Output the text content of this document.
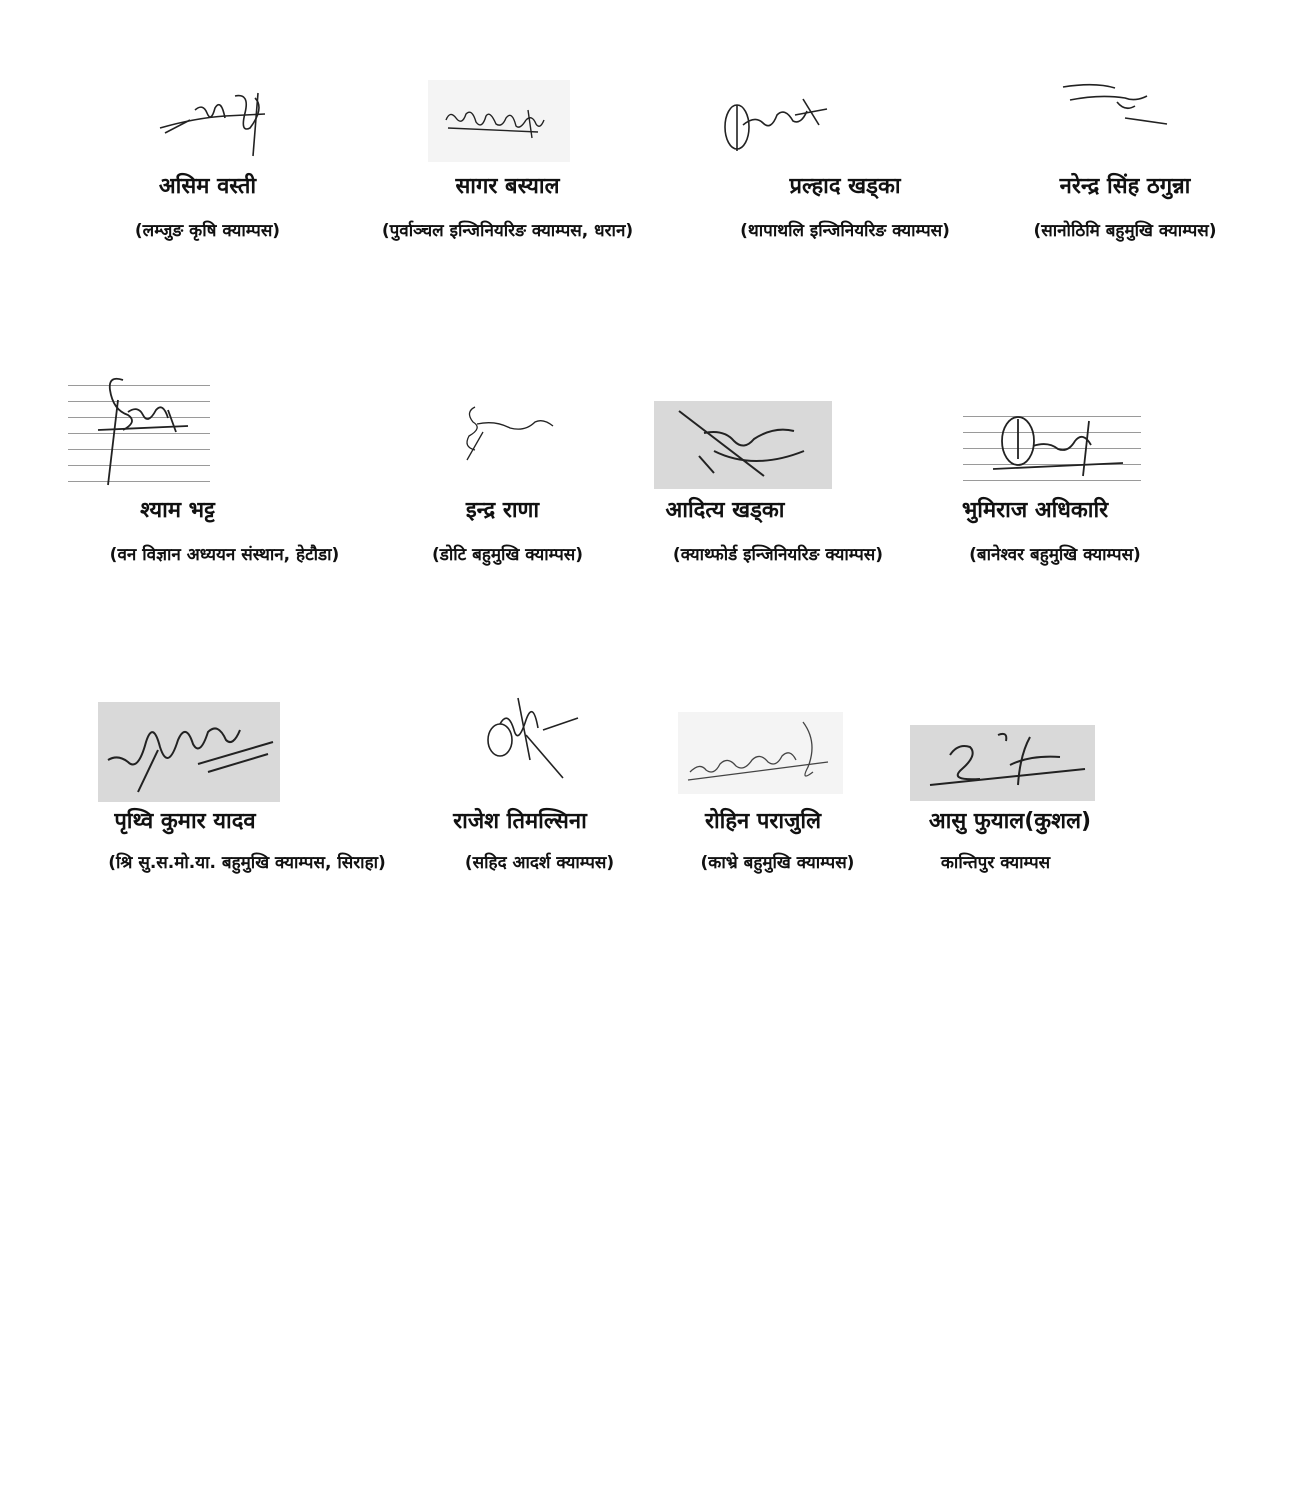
असिम वस्ती
(लम्जुङ कृषि क्याम्पस)
सागर बस्याल
(पुर्वाञ्चल इन्जिनियरिङ क्याम्पस, धरान)
प्रल्हाद खड्का
(थापाथलि इन्जिनियरिङ क्याम्पस)
नरेन्द्र सिंह ठगुन्ना
(सानोठिमि बहुमुखि क्याम्पस)
श्याम भट्ट
(वन विज्ञान अध्ययन संस्थान, हेटौडा)
इन्द्र राणा
(डोटि बहुमुखि क्याम्पस)
आदित्य खड्का
(क्याथ्फोर्ड इन्जिनियरिङ क्याम्पस)
भुमिराज अधिकारि
(बानेश्वर बहुमुखि क्याम्पस)
पृथ्वि कुमार यादव
(श्रि सु.स.मो.या. बहुमुखि क्याम्पस, सिराहा)
राजेश तिमल्सिना
(सहिद आदर्श क्याम्पस)
रोहिन पराजुलि
(काभ्रे बहुमुखि क्याम्पस)
आसु फुयाल(कुशल)
कान्तिपुर क्याम्पस
